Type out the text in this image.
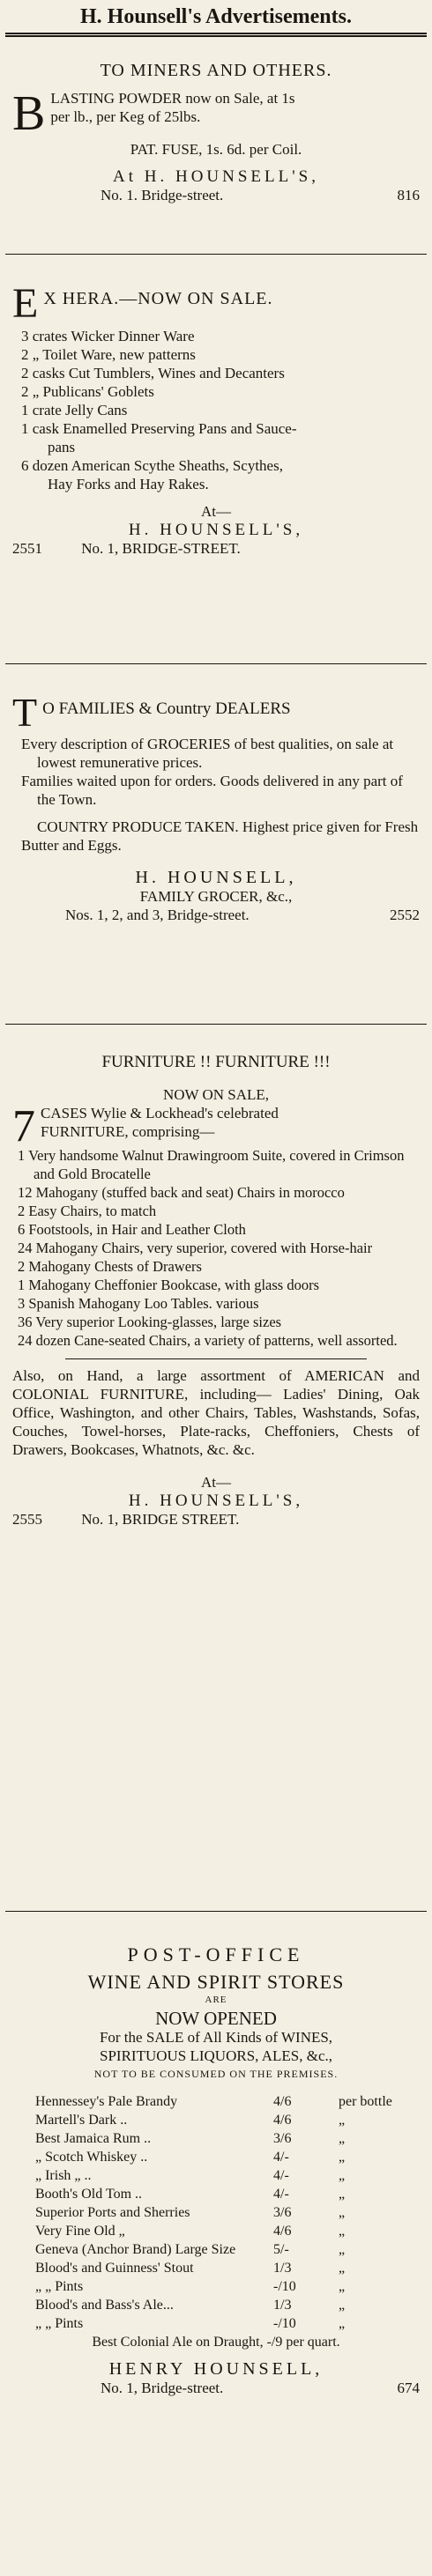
H. Hounsell's Advertisements.
TO MINERS AND OTHERS.
B LASTING POWDER now on Sale, at 1s
per lb., per Keg of 25lbs.
PAT. FUSE, 1s. 6d. per Coil.
At H. HOUNSELL'S,
No. 1. Bridge-street.	816
E X HERA.—NOW ON SALE.
3 crates Wicker Dinner Ware
2 „ Toilet Ware, new patterns
2 casks Cut Tumblers, Wines and Decanters
2 „ Publicans' Goblets
1 crate Jelly Cans
1 cask Enamelled Preserving Pans and Sauce-
pans
6 dozen American Scythe Sheaths, Scythes,
Hay Forks and Hay Rakes.
At—
H. HOUNSELL'S,
2551	No. 1, BRIDGE-STREET.
T O FAMILIES & Country DEALERS
Every description of GROCERIES of best qualities, on sale at lowest remunerative prices.
Families waited upon for orders. Goods delivered in any part of the Town.
COUNTRY PRODUCE TAKEN. Highest price given for Fresh Butter and Eggs.
H. HOUNSELL,
FAMILY GROCER, &c.,
Nos. 1, 2, and 3, Bridge-street.	2552
FURNITURE !! FURNITURE !!!
NOW ON SALE,
7 CASES Wylie & Lockhead's celebrated
FURNITURE, comprising—
1 Very handsome Walnut Drawingroom Suite, covered in Crimson and Gold Brocatelle
12 Mahogany (stuffed back and seat) Chairs in morocco
2 Easy Chairs, to match
6 Footstools, in Hair and Leather Cloth
24 Mahogany Chairs, very superior, covered with Horse-hair
2 Mahogany Chests of Drawers
1 Mahogany Cheffonier Bookcase, with glass doors
3 Spanish Mahogany Loo Tables. various
36 Very superior Looking-glasses, large sizes
24 dozen Cane-seated Chairs, a variety of patterns, well assorted.
Also, on Hand, a large assortment of AMERICAN and COLONIAL FURNITURE, including— Ladies' Dining, Oak Office, Washington, and other Chairs, Tables, Washstands, Sofas, Couches, Towel-horses, Plate-racks, Cheffoniers, Chests of Drawers, Bookcases, Whatnots, &c. &c.
At—
H. HOUNSELL'S,
2555	No. 1, BRIDGE STREET.
POST-OFFICE
WINE AND SPIRIT STORES
ARE
NOW OPENED
For the SALE of All Kinds of WINES,
SPIRITUOUS LIQUORS, ALES, &c.,
NOT TO BE CONSUMED ON THE PREMISES.
Hennessey's Pale Brandy	4/6	per bottle
Martell's Dark ..	4/6	„
Best Jamaica Rum ..	3/6	„
„ Scotch Whiskey ..	4/-	„
„ Irish „ ..	4/-	„
Booth's Old Tom ..	4/-	„
Superior Ports and Sherries	3/6	„
Very Fine Old „	4/6	„
Geneva (Anchor Brand) Large Size	5/-	„
Blood's and Guinness' Stout	1/3	„
„ „ Pints	-/10	„
Blood's and Bass's Ale...	1/3	„
„ „ Pints	-/10	„
Best Colonial Ale on Draught, -/9 per quart.
HENRY HOUNSELL,
No. 1, Bridge-street.	674
